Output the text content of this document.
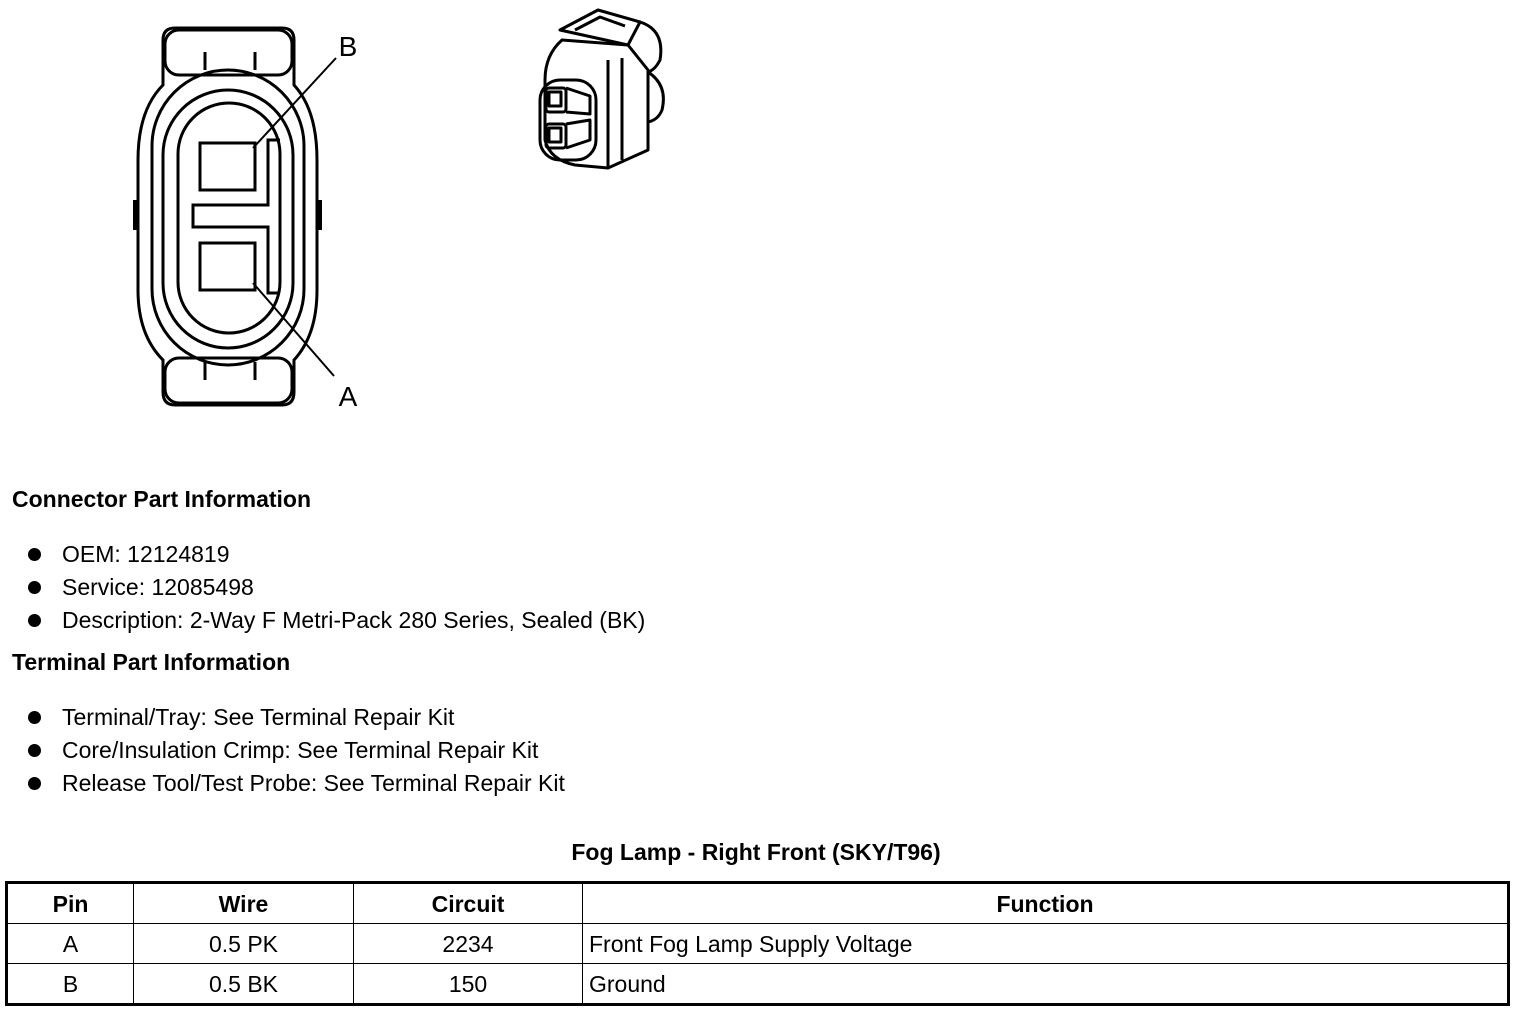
B
A
Connector Part Information
OEM: 12124819
Service: 12085498
Description: 2-Way F Metri-Pack 280 Series, Sealed (BK)
Terminal Part Information
Terminal/Tray: See Terminal Repair Kit
Core/Insulation Crimp: See Terminal Repair Kit
Release Tool/Test Probe: See Terminal Repair Kit
Fog Lamp - Right Front (SKY/T96)
Pin	Wire	Circuit	Function
A	0.5 PK	2234	Front Fog Lamp Supply Voltage
B	0.5 BK	150	Ground
